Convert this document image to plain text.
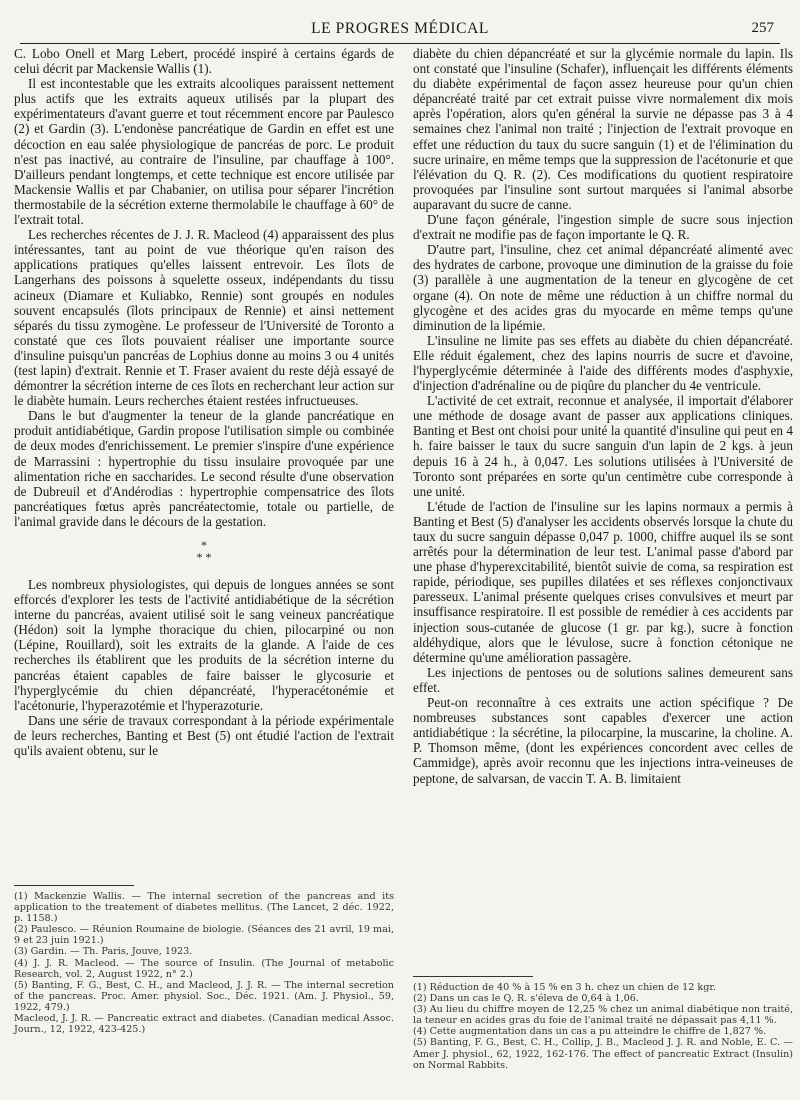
LE PROGRES MÉDICAL	257

C. Lobo Onell et Marg Lebert, procédé inspiré à certains égards de celui décrit par Mackensie Wallis (1).

Il est incontestable que les extraits alcooliques paraissent nettement plus actifs que les extraits aqueux utilisés par la plupart des expérimentateurs d'avant guerre et tout récemment encore par Paulesco (2) et Gardin (3). L'endonèse pancréatique de Gardin en effet est une décoction en eau salée physiologique de pancréas de porc. Le produit n'est pas inactivé, au contraire de l'insuline, par chauffage à 100°. D'ailleurs pendant longtemps, et cette technique est encore utilisée par Mackensie Wallis et par Chabanier, on utilisa pour séparer l'incrétion thermostabile de la sécrétion externe thermolabile le chauffage à 60° de l'extrait total.

Les recherches récentes de J. J. R. Macleod (4) apparaissent des plus intéressantes, tant au point de vue théorique qu'en raison des applications pratiques qu'elles laissent entrevoir. Les îlots de Langerhans des poissons à squelette osseux, indépendants du tissu acineux (Diamare et Kuliabko, Rennie) sont groupés en nodules souvent encapsulés (îlots principaux de Rennie) et ainsi nettement séparés du tissu zymogène. Le professeur de l'Université de Toronto a constaté que ces îlots pouvaient réaliser une importante source d'insuline puisqu'un pancréas de Lophius donne au moins 3 ou 4 unités (test lapin) d'extrait. Rennie et T. Fraser avaient du reste déjà essayé de démontrer la sécrétion interne de ces îlots en recherchant leur action sur le diabète humain. Leurs recherches étaient restées infructueuses.

Dans le but d'augmenter la teneur de la glande pancréatique en produit antidiabétique, Gardin propose l'utilisation simple ou combinée de deux modes d'enrichissement. Le premier s'inspire d'une expérience de Marrassini : hypertrophie du tissu insulaire provoquée par une alimentation riche en saccharides. Le second résulte d'une observation de Dubreuil et d'Andérodias : hypertrophie compensatrice des îlots pancréatiques fœtus après pancréatectomie, totale ou partielle, de l'animal gravide dans le décours de la gestation.

*
* *

Les nombreux physiologistes, qui depuis de longues années se sont efforcés d'explorer les tests de l'activité antidiabétique de la sécrétion interne du pancréas, avaient utilisé soit le sang veineux pancréatique (Hédon) soit la lymphe thoracique du chien, pilocarpiné ou non (Lépine, Rouillard), soit les extraits de la glande. A l'aide de ces recherches ils établirent que les produits de la sécrétion interne du pancréas étaient capables de faire baisser le glycosurie et l'hyperglycémie du chien dépancréaté, l'hyperacétonémie et l'acétonurie, l'hyperazotémie et l'hyperazoturie.

Dans une série de travaux correspondant à la période expérimentale de leurs recherches, Banting et Best (5) ont étudié l'action de l'extrait qu'ils avaient obtenu, sur le

(1) Mackenzie Wallis. — The internal secretion of the pancreas and its application to the treatement of diabetes mellitus. (The Lancet, 2 déc. 1922, p. 1158.)

(2) Paulesco. — Réunion Roumaine de biologie. (Séances des 21 avril, 19 mai, 9 et 23 juin 1921.)

(3) Gardin. — Th. Paris, Jouve, 1923.

(4) J. J. R. Macleod. — The source of Insulin. (The Journal of metabolic Research, vol. 2, August 1922, n° 2.)

(5) Banting, F. G., Best, C. H., and Macleod, J. J. R. — The internal secretion of the pancreas. Proc. Amer. physiol. Soc., Déc. 1921. (Am. J. Physiol., 59, 1922, 479.)

Macleod, J. J. R. — Pancreatic extract and diabetes. (Canadian medical Assoc. Journ., 12, 1922, 423-425.)

diabète du chien dépancréaté et sur la glycémie normale du lapin. Ils ont constaté que l'insuline (Schafer), influençait les différents éléments du diabète expérimental de façon assez heureuse pour qu'un chien dépancréaté traité par cet extrait puisse vivre normalement dix mois après l'opération, alors qu'en général la survie ne dépasse pas 3 à 4 semaines chez l'animal non traité ; l'injection de l'extrait provoque en effet une réduction du taux du sucre sanguin (1) et de l'élimination du sucre urinaire, en même temps que la suppression de l'acétonurie et que l'élévation du Q. R. (2). Ces modifications du quotient respiratoire provoquées par l'insuline sont surtout marquées si l'animal absorbe auparavant du sucre de canne.

D'une façon générale, l'ingestion simple de sucre sous injection d'extrait ne modifie pas de façon importante le Q. R.

D'autre part, l'insuline, chez cet animal dépancréaté alimenté avec des hydrates de carbone, provoque une diminution de la graisse du foie (3) parallèle à une augmentation de la teneur en glycogène de cet organe (4). On note de même une réduction à un chiffre normal du glycogène et des acides gras du myocarde en même temps qu'une diminution de la lipémie.

L'insuline ne limite pas ses effets au diabète du chien dépancréaté. Elle réduit également, chez des lapins nourris de sucre et d'avoine, l'hyperglycémie déterminée à l'aide des différents modes d'asphyxie, d'injection d'adrénaline ou de piqûre du plancher du 4e ventricule.

L'activité de cet extrait, reconnue et analysée, il importait d'élaborer une méthode de dosage avant de passer aux applications cliniques. Banting et Best ont choisi pour unité la quantité d'insuline qui peut en 4 h. faire baisser le taux du sucre sanguin d'un lapin de 2 kgs. à jeun depuis 16 à 24 h., à 0,047. Les solutions utilisées à l'Université de Toronto sont préparées en sorte qu'un centimètre cube corresponde à une unité.

L'étude de l'action de l'insuline sur les lapins normaux a permis à Banting et Best (5) d'analyser les accidents observés lorsque la chute du taux du sucre sanguin dépasse 0,047 p. 1000, chiffre auquel ils se sont arrêtés pour la détermination de leur test. L'animal passe d'abord par une phase d'hyperexcitabilité, bientôt suivie de coma, sa respiration est rapide, périodique, ses pupilles dilatées et ses réflexes conjonctivaux paresseux. L'animal présente quelques crises convulsives et meurt par insuffisance respiratoire. Il est possible de remédier à ces accidents par injection sous-cutanée de glucose (1 gr. par kg.), sucre à fonction aldéhydique, alors que le lévulose, sucre à fonction cétonique ne détermine qu'une amélioration passagère.

Les injections de pentoses ou de solutions salines demeurent sans effet.

Peut-on reconnaître à ces extraits une action spécifique ? De nombreuses substances sont capables d'exercer une action antidiabétique : la sécrétine, la pilocarpine, la muscarine, la choline. A. P. Thomson même, (dont les expériences concordent avec celles de Cammidge), après avoir reconnu que les injections intra-veineuses de peptone, de salvarsan, de vaccin T. A. B. limitaient

(1) Réduction de 40 % à 15 % en 3 h. chez un chien de 12 kgr.

(2) Dans un cas le Q. R. s'éleva de 0,64 à 1,06.

(3) Au lieu du chiffre moyen de 12,25 % chez un animal diabétique non traité, la teneur en acides gras du foie de l'animal traité ne dépassait pas 4,11 %.

(4) Cette augmentation dans un cas a pu atteindre le chiffre de 1,827 %.

(5) Banting, F. G., Best, C. H., Collip, J. B., Macleod J. J. R. and Noble, E. C. — Amer J. physiol., 62, 1922, 162-176. The effect of pancreatic Extract (Insulin) on Normal Rabbits.
